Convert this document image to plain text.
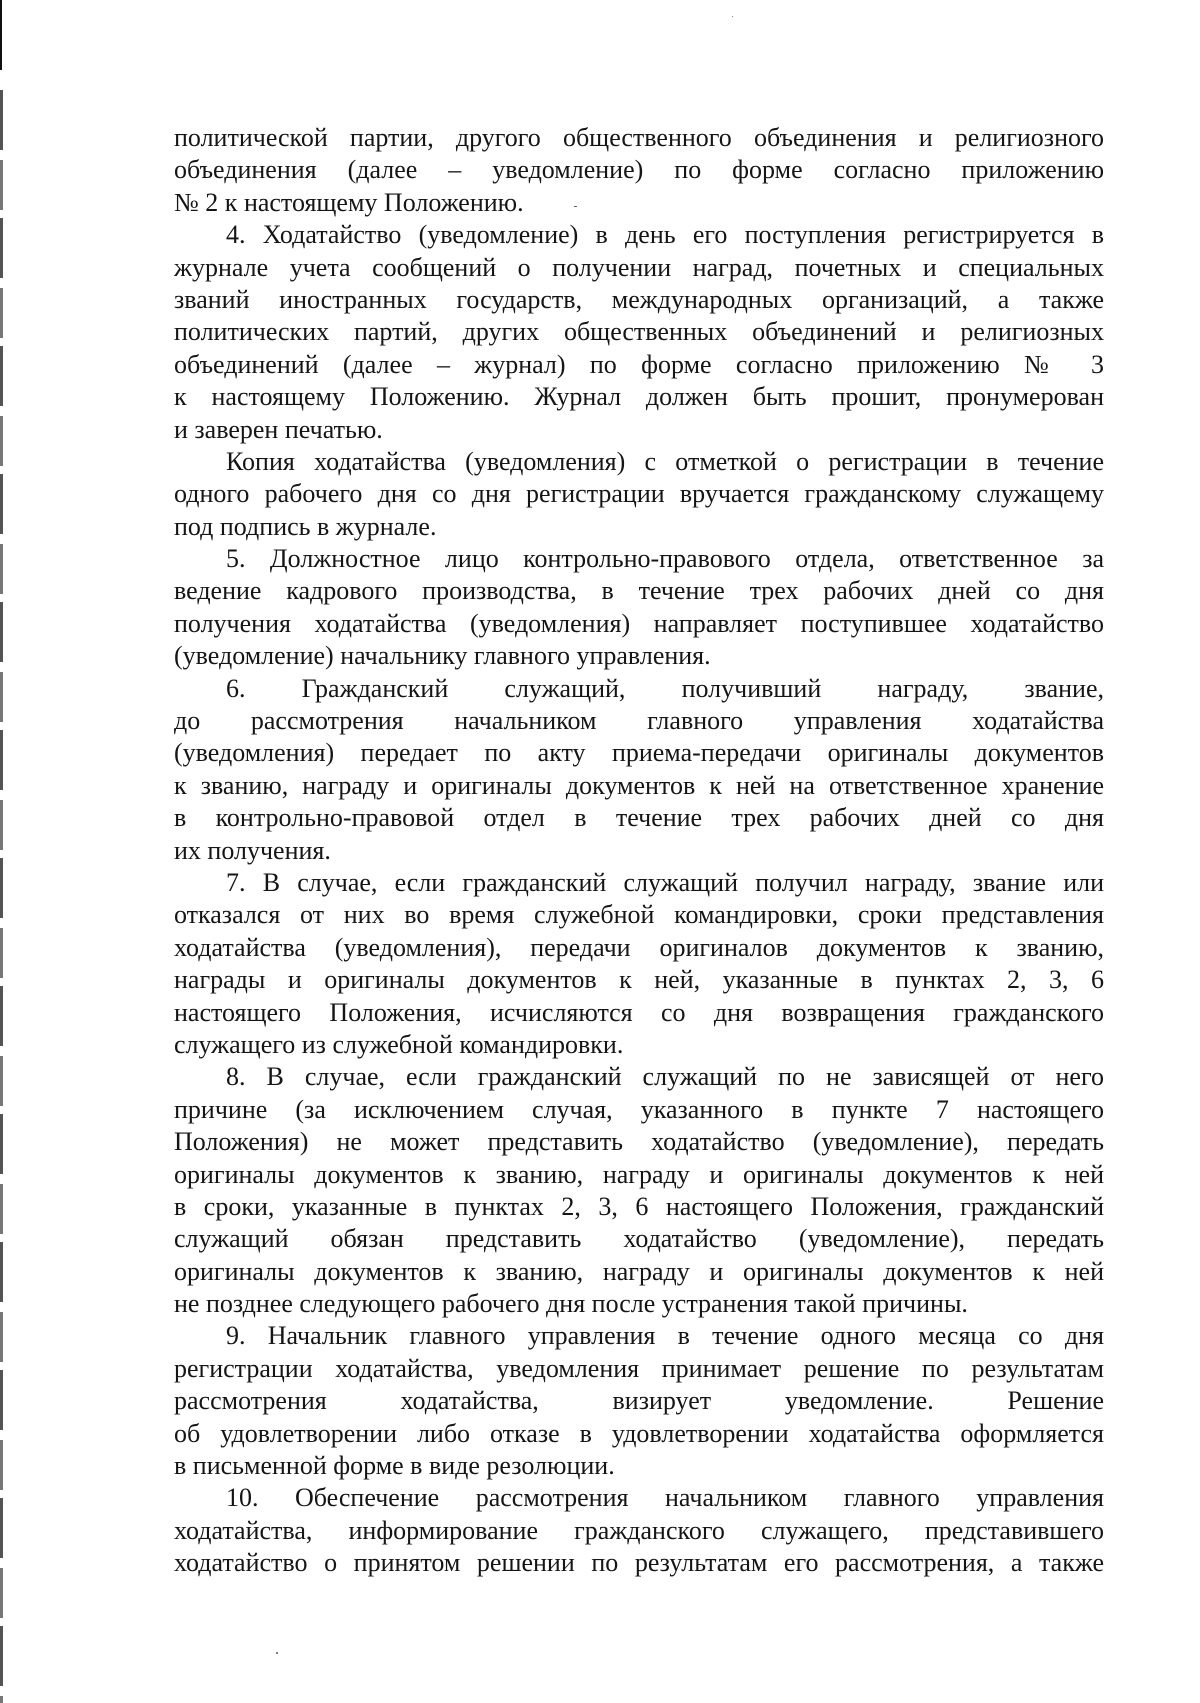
политической партии, другого общественного объединения и религиозного
объединения (далее – уведомление) по форме согласно приложению
№ 2 к настоящему Положению.
4. Ходатайство (уведомление) в день его поступления регистрируется в
журнале учета сообщений о получении наград, почетных и специальных
званий иностранных государств, международных организаций, а также
политических партий, других общественных объединений и религиозных
объединений (далее – журнал) по форме согласно приложению № 3
к настоящему Положению. Журнал должен быть прошит, пронумерован
и заверен печатью.
Копия ходатайства (уведомления) с отметкой о регистрации в течение
одного рабочего дня со дня регистрации вручается гражданскому служащему
под подпись в журнале.
5. Должностное лицо контрольно-правового отдела, ответственное за
ведение кадрового производства, в течение трех рабочих дней со дня
получения ходатайства (уведомления) направляет поступившее ходатайство
(уведомление) начальнику главного управления.
6. Гражданский служащий, получивший награду, звание,
до рассмотрения начальником главного управления ходатайства
(уведомления) передает по акту приема-передачи оригиналы документов
к званию, награду и оригиналы документов к ней на ответственное хранение
в контрольно-правовой отдел в течение трех рабочих дней со дня
их получения.
7. В случае, если гражданский служащий получил награду, звание или
отказался от них во время служебной командировки, сроки представления
ходатайства (уведомления), передачи оригиналов документов к званию,
награды и оригиналы документов к ней, указанные в пунктах 2, 3, 6
настоящего Положения, исчисляются со дня возвращения гражданского
служащего из служебной командировки.
8. В случае, если гражданский служащий по не зависящей от него
причине (за исключением случая, указанного в пункте 7 настоящего
Положения) не может представить ходатайство (уведомление), передать
оригиналы документов к званию, награду и оригиналы документов к ней
в сроки, указанные в пунктах 2, 3, 6 настоящего Положения, гражданский
служащий обязан представить ходатайство (уведомление), передать
оригиналы документов к званию, награду и оригиналы документов к ней
не позднее следующего рабочего дня после устранения такой причины.
9. Начальник главного управления в течение одного месяца со дня
регистрации ходатайства, уведомления принимает решение по результатам
рассмотрения ходатайства, визирует уведомление. Решение
об удовлетворении либо отказе в удовлетворении ходатайства оформляется
в письменной форме в виде резолюции.
10. Обеспечение рассмотрения начальником главного управления
ходатайства, информирование гражданского служащего, представившего
ходатайство о принятом решении по результатам его рассмотрения, а также
